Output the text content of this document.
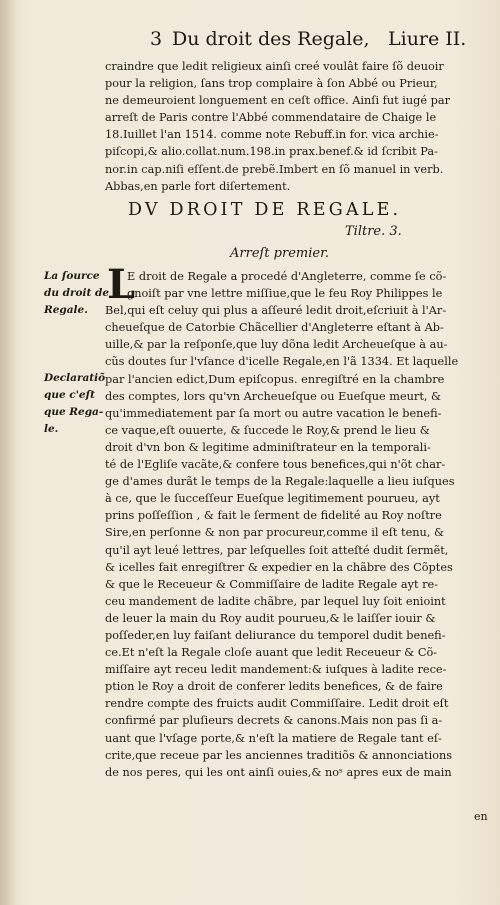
3 Du droit des Regale, Liure II.
craindre que ledit religieux ainſi creé voulât faire ſõ deuoir
pour la religion, ſans trop complaire à ſon Abbé ou Prieur,
ne demeuroient longuement en ceſt office. Ainſi fut iugé par
arreſt de Paris contre l'Abbé commendataire de Chaige le
18.Iuillet l'an 1514. comme note Rebuff.in for. vica archie-
piſcopi,& alio.collat.num.198.in prax.benef.& id ſcribit Pa-
nor.in cap.niſi eſſent.de prebẽ.Imbert en ſõ manuel in verb.
Abbas,en parle fort diſertement.
DV DROIT DE REGALE.
Tiltre. 3.
Arreſt premier.
L
E droit de Regale a procedé d'Angleterre, comme ſe cõ-
gnoiſt par vne lettre miſſiue,que le feu Roy Philippes le
Bel,qui eſt celuy qui plus a aſſeuré ledit droit,eſcriuit à l'Ar-
cheueſque de Catorbie Chãcellier d'Angleterre eſtant à Ab-
uille,& par la reſponſe,que luy dõna ledit Archeueſque à au-
cũs doutes ſur l'vſance d'icelle Regale,en l'ã 1334. Et laquelle
par l'ancien edict,Dum epiſcopus. enregiſtré en la chambre
des comptes, lors qu'vn Archeueſque ou Eueſque meurt, &
qu'immediatement par ſa mort ou autre vacation le benefi-
ce vaque,eſt ouuerte, & ſuccede le Roy,& prend le lieu &
droit d'vn bon & legitime adminiſtrateur en la temporali-
té de l'Egliſe vacãte,& confere tous benefices,qui n'õt char-
ge d'ames durãt le temps de la Regale:laquelle a lieu iuſques
à ce, que le ſucceſſeur Eueſque legitimement pourueu, ayt
prins poſſeſſion , & fait le ſerment de fidelité au Roy noſtre
Sire,en perſonne & non par procureur,comme il eſt tenu, &
qu'il ayt leué lettres, par leſquelles ſoit atteſté dudit ſermẽt,
& icelles fait enregiſtrer & expedier en la chãbre des Cõptes
& que le Receueur & Commiſſaire de ladite Regale ayt re-
ceu mandement de ladite chãbre, par lequel luy ſoit enioint
de leuer la main du Roy audit pourueu,& le laiſſer iouir &
poſſeder,en luy faiſant deliurance du temporel dudit benefi-
ce.Et n'eſt la Regale cloſe auant que ledit Receueur & Cõ-
miſſaire ayt receu ledit mandement:& iuſques à ladite rece-
ption le Roy a droit de conferer ledits benefices, & de faire
rendre compte des fruicts audit Commiſſaire. Ledit droit eſt
confirmé par pluſieurs decrets & canons.Mais non pas ſi a-
uant que l'vſage porte,& n'eſt la matiere de Regale tant eſ-
crite,que receue par les anciennes traditiõs & annonciations
de nos peres, qui les ont ainſi ouies,& noˢ apres eux de main
La ſource
du droit de
Regale.
Declaratiõ
que c'eſt
que Rega-
le.
en
